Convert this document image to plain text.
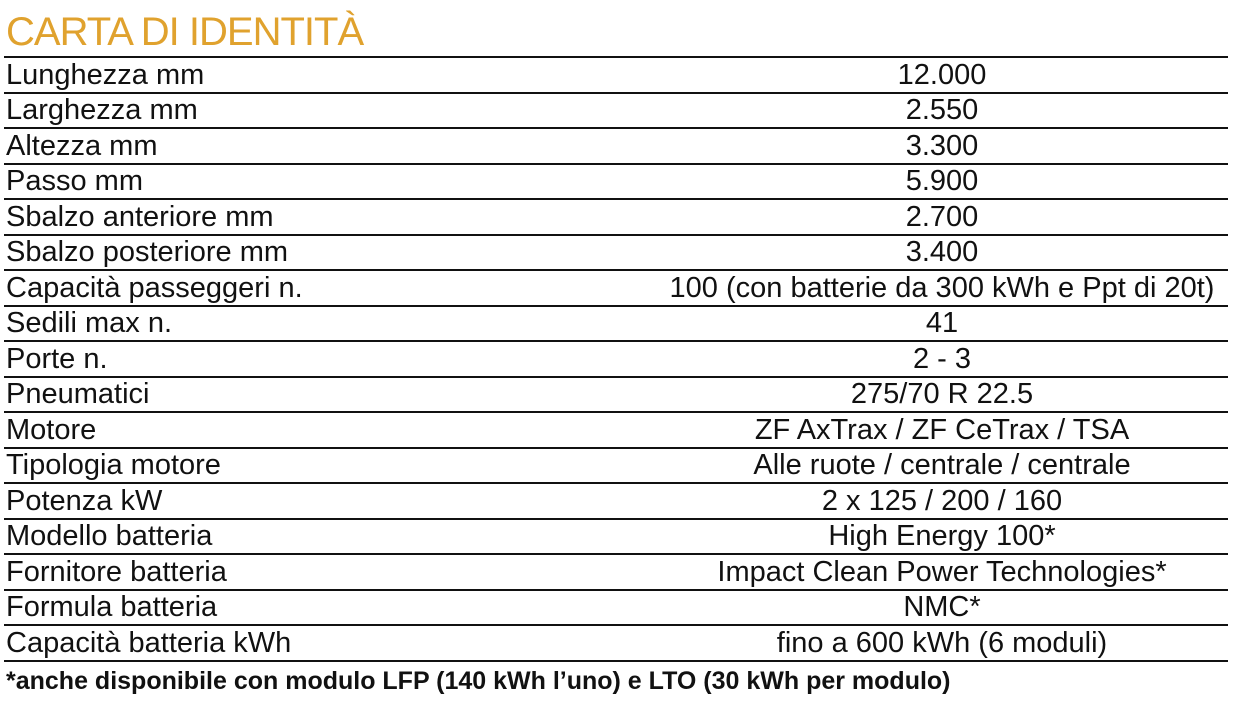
CARTA DI IDENTITÀ
Lunghezza mm	12.000
Larghezza mm	2.550
Altezza mm	3.300
Passo mm	5.900
Sbalzo anteriore mm	2.700
Sbalzo posteriore mm	3.400
Capacità passeggeri n.	100 (con batterie da 300 kWh e Ppt di 20t)
Sedili max n.	41
Porte n.	2 - 3
Pneumatici	275/70 R 22.5
Motore	ZF AxTrax / ZF CeTrax / TSA
Tipologia motore	Alle ruote / centrale / centrale
Potenza kW	2 x 125 / 200 / 160
Modello batteria	High Energy 100*
Fornitore batteria	Impact Clean Power Technologies*
Formula batteria	NMC*
Capacità batteria kWh	fino a 600 kWh (6 moduli)
*anche disponibile con modulo LFP (140 kWh l’uno) e LTO (30 kWh per modulo)
